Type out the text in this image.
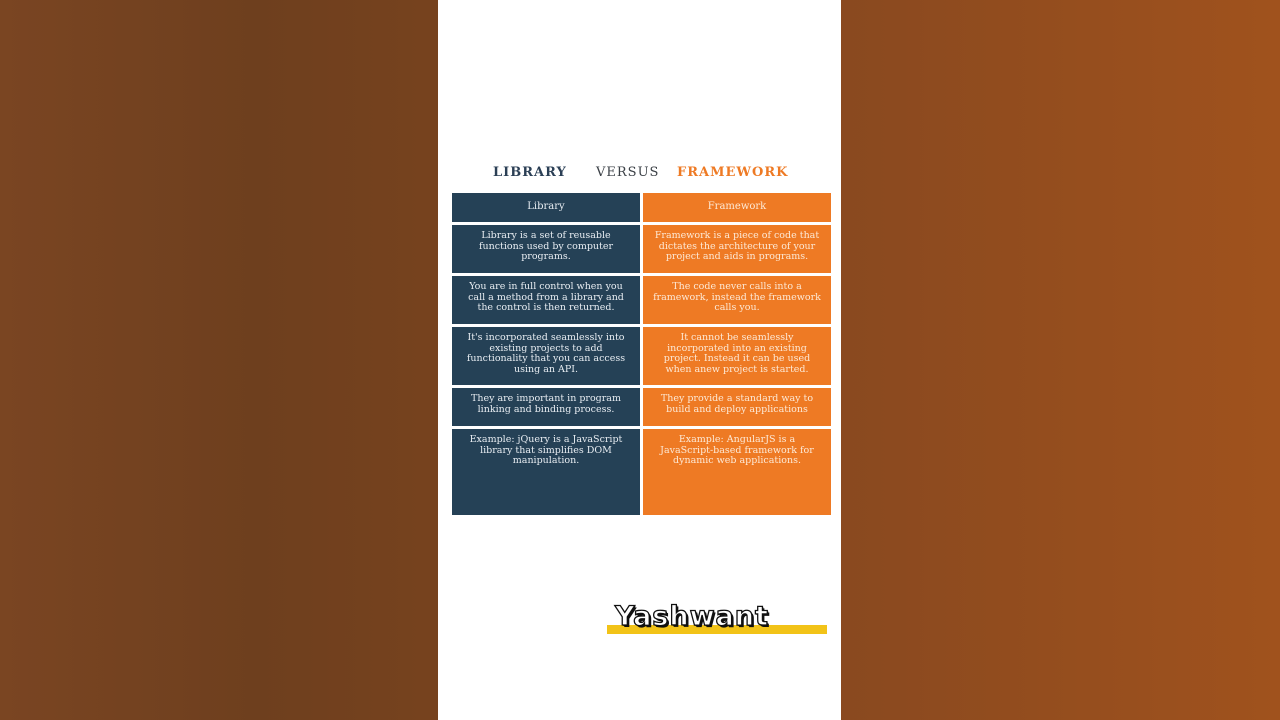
LIBRARY VERSUS FRAMEWORK
Library	Framework
Library is a set of reusable functions used by computer programs.
Framework is a piece of code that dictates the architecture of your project and aids in programs.
You are in full control when you call a method from a library and the control is then returned.
The code never calls into a framework, instead the framework calls you.
It's incorporated seamlessly into existing projects to add functionality that you can access using an API.
It cannot be seamlessly incorporated into an existing project. Instead it can be used when anew project is started.
They are important in program linking and binding process.
They provide a standard way to build and deploy applications
Example: jQuery is a JavaScript library that simplifies DOM manipulation.
Example: AngularJS is a JavaScript-based framework for dynamic web applications.
Yashwant
